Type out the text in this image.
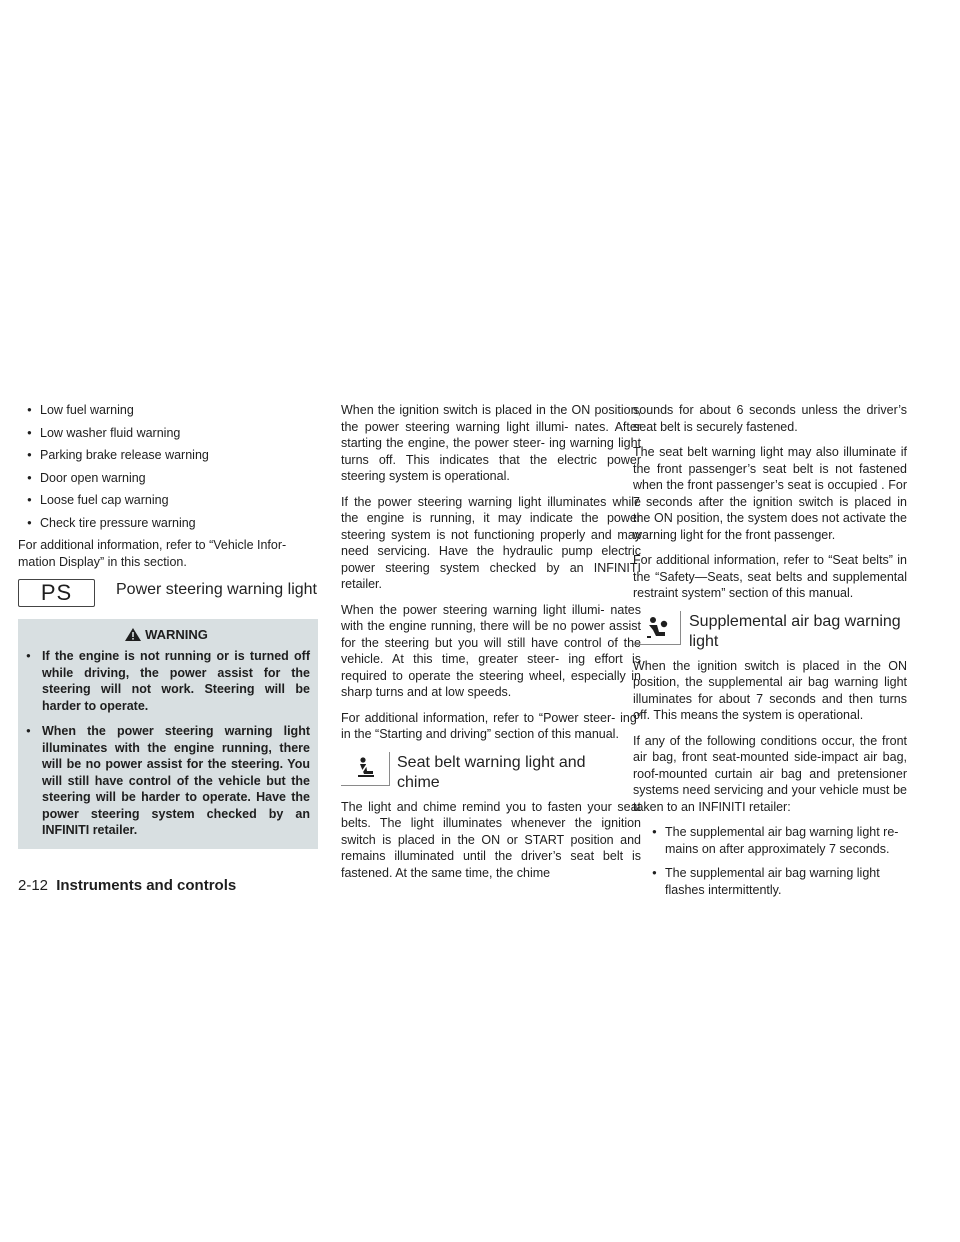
● Low fuel warning
● Low washer fluid warning
● Parking brake release warning
● Door open warning
● Loose fuel cap warning
● Check tire pressure warning

For additional information, refer to “Vehicle Infor- mation Display” in this section.

PS	Power steering warning light
WARNING
● If the engine is not running or is turned off while driving, the power assist for the steering will not work. Steering will be harder to operate.
● When the power steering warning light illuminates with the engine running, there will be no power assist for the steering. You will still have control of the vehicle but the steering will be harder to operate. Have the power steering system checked by an INFINITI retailer.

When the ignition switch is placed in the ON position, the power steering warning light illumi- nates. After starting the engine, the power steer- ing warning light turns off. This indicates that the electric power steering system is operational.

If the power steering warning light illuminates while the engine is running, it may indicate the power steering system is not functioning properly and may need servicing. Have the hydraulic pump electric power steering system checked by an INFINITI retailer.

When the power steering warning light illumi- nates with the engine running, there will be no power assist for the steering but you will still have control of the vehicle. At this time, greater steer- ing effort is required to operate the steering wheel, especially in sharp turns and at low speeds.

For additional information, refer to “Power steer- ing” in the “Starting and driving” section of this manual.

Seat belt warning light and chime

The light and chime remind you to fasten your seat belts. The light illuminates whenever the ignition switch is placed in the ON or START position and remains illuminated until the driver’s seat belt is fastened. At the same time, the chime

sounds for about 6 seconds unless the driver’s seat belt is securely fastened.

The seat belt warning light may also illuminate if the front passenger’s seat belt is not fastened when the front passenger’s seat is occupied . For 7 seconds after the ignition switch is placed in the ON position, the system does not activate the warning light for the front passenger.

For additional information, refer to “Seat belts” in the “Safety—Seats, seat belts and supplemental restraint system” section of this manual.

Supplemental air bag warning light

When the ignition switch is placed in the ON position, the supplemental air bag warning light illuminates for about 7 seconds and then turns off. This means the system is operational.

If any of the following conditions occur, the front air bag, front seat-mounted side-impact air bag, roof-mounted curtain air bag and pretensioner systems need servicing and your vehicle must be taken to an INFINITI retailer:

● The supplemental air bag warning light re- mains on after approximately 7 seconds.
● The supplemental air bag warning light flashes intermittently.
2-12 Instruments and controls
